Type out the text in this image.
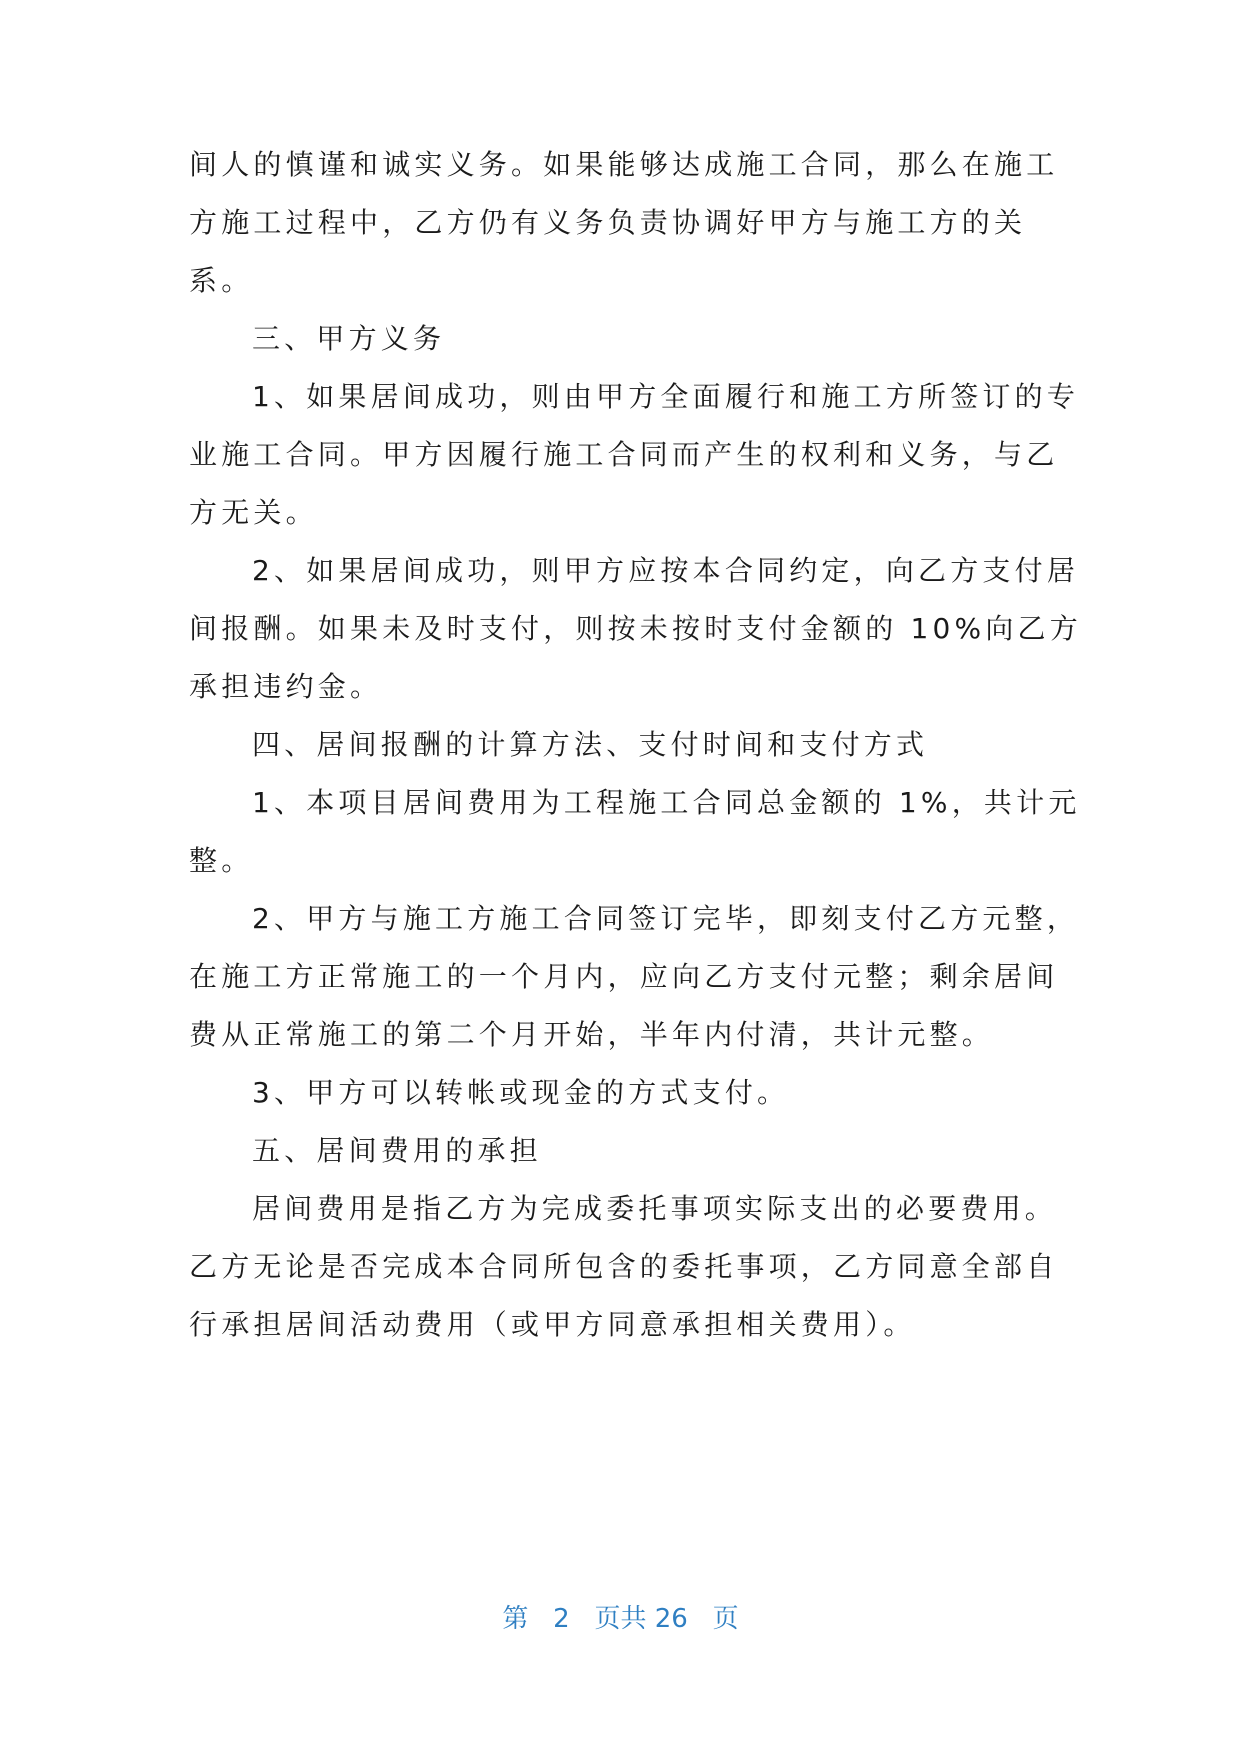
间人的慎谨和诚实义务。如果能够达成施工合同，那么在施工
方施工过程中，乙方仍有义务负责协调好甲方与施工方的关
系。
三、甲方义务
1、如果居间成功，则由甲方全面履行和施工方所签订的专
业施工合同。甲方因履行施工合同而产生的权利和义务，与乙
方无关。
2、如果居间成功，则甲方应按本合同约定，向乙方支付居
间报酬。如果未及时支付，则按未按时支付金额的 10%向乙方
承担违约金。
四、居间报酬的计算方法、支付时间和支付方式
1、本项目居间费用为工程施工合同总金额的 1%，共计元
整。
2、甲方与施工方施工合同签订完毕，即刻支付乙方元整，
在施工方正常施工的一个月内，应向乙方支付元整；剩余居间
费从正常施工的第二个月开始，半年内付清，共计元整。
3、甲方可以转帐或现金的方式支付。
五、居间费用的承担
居间费用是指乙方为完成委托事项实际支出的必要费用。
乙方无论是否完成本合同所包含的委托事项，乙方同意全部自
行承担居间活动费用（或甲方同意承担相关费用）。
第 2 页共 26 页
